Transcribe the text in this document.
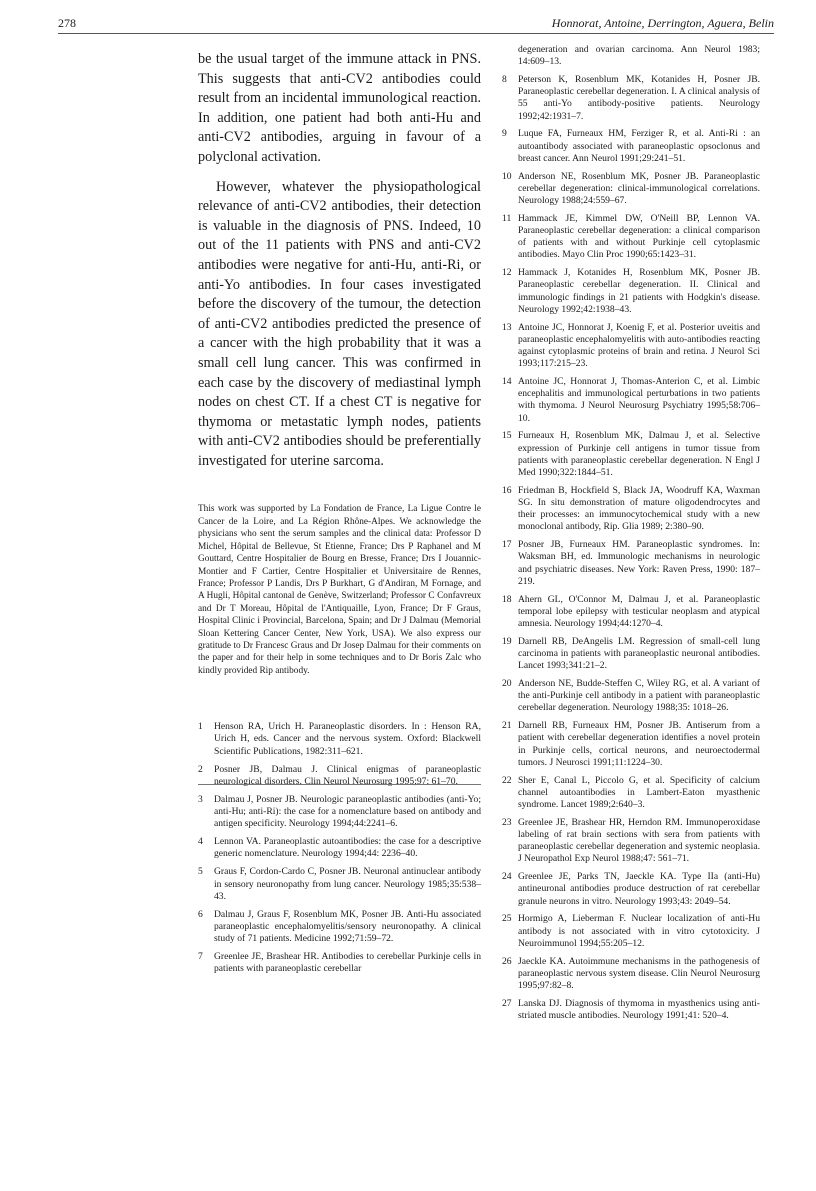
278	Honnorat, Antoine, Derrington, Aguera, Belin

be the usual target of the immune attack in PNS. This suggests that anti-CV2 antibodies could result from an incidental immunological reaction. In addition, one patient had both anti-Hu and anti-CV2 antibodies, arguing in favour of a polyclonal activation.

However, whatever the physiopathological relevance of anti-CV2 antibodies, their detection is valuable in the diagnosis of PNS. Indeed, 10 out of the 11 patients with PNS and anti-CV2 antibodies were negative for anti-Hu, anti-Ri, or anti-Yo antibodies. In four cases investigated before the discovery of the tumour, the detection of anti-CV2 antibodies predicted the presence of a cancer with the high probability that it was a small cell lung cancer. This was confirmed in each case by the discovery of mediastinal lymph nodes on chest CT. If a chest CT is negative for thymoma or metastatic lymph nodes, patients with anti-CV2 antibodies should be preferentially investigated for uterine sarcoma.

This work was supported by La Fondation de France, La Ligue Contre le Cancer de la Loire, and La Région Rhône-Alpes. We acknowledge the physicians who sent the serum samples and the clinical data: Professor D Michel, Hôpital de Bellevue, St Etienne, France; Drs P Raphanel and M Gouttard, Centre Hospitalier de Bourg en Bresse, France; Drs I Jouannic-Montier and F Cartier, Centre Hospitalier et Universitaire de Rennes, France; Professor P Landis, Drs P Burkhart, G d'Andiran, M Fornage, and A Hugli, Hôpital cantonal de Genève, Switzerland; Professor C Confavreux and Dr T Moreau, Hôpital de l'Antiquaille, Lyon, France; Dr F Graus, Hospital Clinic i Provincial, Barcelona, Spain; and Dr J Dalmau (Memorial Sloan Kettering Cancer Center, New York, USA). We also express our gratitude to Dr Francesc Graus and Dr Josep Dalmau for their comments on the paper and for their help in some techniques and to Dr Boris Zalc who kindly provided Rip antibody.

1	Henson RA, Urich H. Paraneoplastic disorders. In : Henson RA, Urich H, eds. Cancer and the nervous system. Oxford: Blackwell Scientific Publications, 1982:311–621.
2	Posner JB, Dalmau J. Clinical enigmas of paraneoplastic neurological disorders. Clin Neurol Neurosurg 1995;97: 61–70.
3	Dalmau J, Posner JB. Neurologic paraneoplastic antibodies (anti-Yo; anti-Hu; anti-Ri): the case for a nomenclature based on antibody and antigen specificity. Neurology 1994;44:2241–6.
4	Lennon VA. Paraneoplastic autoantibodies: the case for a descriptive generic nomenclature. Neurology 1994;44: 2236–40.
5	Graus F, Cordon-Cardo C, Posner JB. Neuronal antinuclear antibody in sensory neuronopathy from lung cancer. Neurology 1985;35:538–43.
6	Dalmau J, Graus F, Rosenblum MK, Posner JB. Anti-Hu associated paraneoplastic encephalomyelitis/sensory neuronopathy. A clinical study of 71 patients. Medicine 1992;71:59–72.
7	Greenlee JE, Brashear HR. Antibodies to cerebellar Purkinje cells in patients with paraneoplastic cerebellar
degeneration and ovarian carcinoma. Ann Neurol 1983; 14:609–13.
8	Peterson K, Rosenblum MK, Kotanides H, Posner JB. Paraneoplastic cerebellar degeneration. I. A clinical analysis of 55 anti-Yo antibody-positive patients. Neurology 1992;42:1931–7.
9	Luque FA, Furneaux HM, Ferziger R, et al. Anti-Ri : an autoantibody associated with paraneoplastic opsoclonus and breast cancer. Ann Neurol 1991;29:241–51.
10 Anderson NE, Rosenblum MK, Posner JB. Paraneoplastic cerebellar degeneration: clinical-immunological correlations. Neurology 1988;24:559–67.
11 Hammack JE, Kimmel DW, O'Neill BP, Lennon VA. Paraneoplastic cerebellar degeneration: a clinical comparison of patients with and without Purkinje cell cytoplasmic antibodies. Mayo Clin Proc 1990;65:1423–31.
12 Hammack J, Kotanides H, Rosenblum MK, Posner JB. Paraneoplastic cerebellar degeneration. II. Clinical and immunologic findings in 21 patients with Hodgkin's disease. Neurology 1992;42:1938–43.
13 Antoine JC, Honnorat J, Koenig F, et al. Posterior uveitis and paraneoplastic encephalomyelitis with auto-antibodies reacting against cytoplasmic proteins of brain and retina. J Neurol Sci 1993;117:215–23.
14 Antoine JC, Honnorat J, Thomas-Anterion C, et al. Limbic encephalitis and immunological perturbations in two patients with thymoma. J Neurol Neurosurg Psychiatry 1995;58:706–10.
15 Furneaux H, Rosenblum MK, Dalmau J, et al. Selective expression of Purkinje cell antigens in tumor tissue from patients with paraneoplastic cerebellar degeneration. N Engl J Med 1990;322:1844–51.
16 Friedman B, Hockfield S, Black JA, Woodruff KA, Waxman SG. In situ demonstration of mature oligodendrocytes and their processes: an immunocytochemical study with a new monoclonal antibody, Rip. Glia 1989; 2:380–90.
17 Posner JB, Furneaux HM. Paraneoplastic syndromes. In: Waksman BH, ed. Immunologic mechanisms in neurologic and psychiatric diseases. New York: Raven Press, 1990: 187–219.
18 Ahern GL, O'Connor M, Dalmau J, et al. Paraneoplastic temporal lobe epilepsy with testicular neoplasm and atypical amnesia. Neurology 1994;44:1270–4.
19 Darnell RB, DeAngelis LM. Regression of small-cell lung carcinoma in patients with paraneoplastic neuronal antibodies. Lancet 1993;341:21–2.
20 Anderson NE, Budde-Steffen C, Wiley RG, et al. A variant of the anti-Purkinje cell antibody in a patient with paraneoplastic cerebellar degeneration. Neurology 1988;35: 1018–26.
21 Darnell RB, Furneaux HM, Posner JB. Antiserum from a patient with cerebellar degeneration identifies a novel protein in Purkinje cells, cortical neurons, and neuroectodermal tumors. J Neurosci 1991;11:1224–30.
22 Sher E, Canal L, Piccolo G, et al. Specificity of calcium channel autoantibodies in Lambert-Eaton myasthenic syndrome. Lancet 1989;2:640–3.
23 Greenlee JE, Brashear HR, Herndon RM. Immunoperoxidase labeling of rat brain sections with sera from patients with paraneoplastic cerebellar degeneration and systemic neoplasia. J Neuropathol Exp Neurol 1988;47: 561–71.
24 Greenlee JE, Parks TN, Jaeckle KA. Type IIa (anti-Hu) antineuronal antibodies produce destruction of rat cerebellar granule neurons in vitro. Neurology 1993;43: 2049–54.
25 Hormigo A, Lieberman F. Nuclear localization of anti-Hu antibody is not associated with in vitro cytotoxicity. J Neuroimmunol 1994;55:205–12.
26 Jaeckle KA. Autoimmune mechanisms in the pathogenesis of paraneoplastic nervous system disease. Clin Neurol Neurosurg 1995;97:82–8.
27 Lanska DJ. Diagnosis of thymoma in myasthenics using anti-striated muscle antibodies. Neurology 1991;41: 520–4.
